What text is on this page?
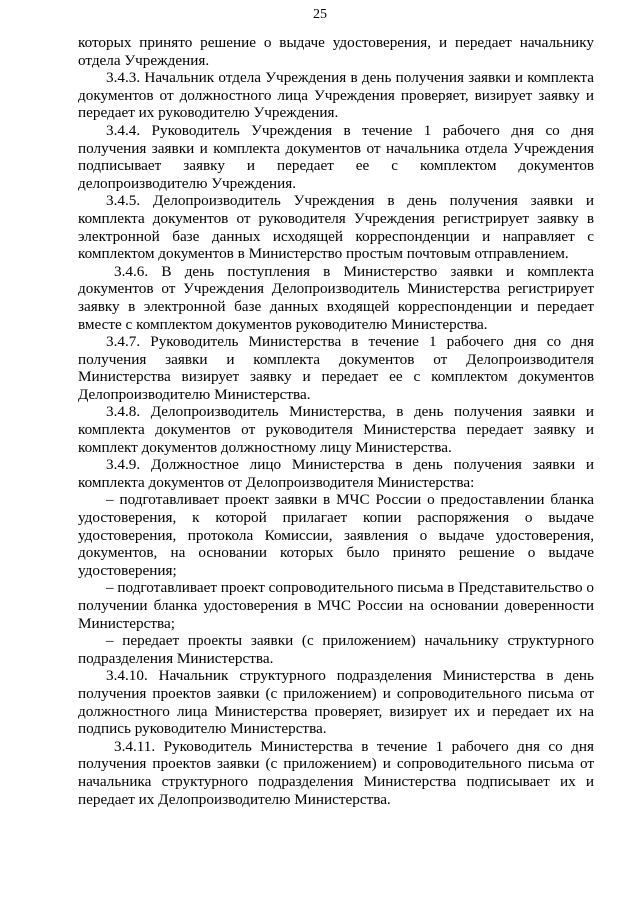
25

которых принято решение о выдаче удостоверения, и передает начальнику отдела Учреждения.

3.4.3. Начальник отдела Учреждения в день получения заявки и комплекта документов от должностного лица Учреждения проверяет, визирует заявку и передает их руководителю Учреждения.

3.4.4. Руководитель Учреждения в течение 1 рабочего дня со дня получения заявки и комплекта документов от начальника отдела Учреждения подписывает заявку и передает ее с комплектом документов делопроизводителю Учреждения.

3.4.5. Делопроизводитель Учреждения в день получения заявки и комплекта документов от руководителя Учреждения регистрирует заявку в электронной базе данных исходящей корреспонденции и направляет с комплектом документов в Министерство простым почтовым отправлением.

3.4.6. В день поступления в Министерство заявки и комплекта документов от Учреждения Делопроизводитель Министерства регистрирует заявку в электронной базе данных входящей корреспонденции и передает вместе с комплектом документов руководителю Министерства.

3.4.7. Руководитель Министерства в течение 1 рабочего дня со дня получения заявки и комплекта документов от Делопроизводителя Министерства визирует заявку и передает ее с комплектом документов Делопроизводителю Министерства.

3.4.8. Делопроизводитель Министерства, в день получения заявки и комплекта документов от руководителя Министерства передает заявку и комплект документов должностному лицу Министерства.

3.4.9. Должностное лицо Министерства в день получения заявки и комплекта документов от Делопроизводителя Министерства:

– подготавливает проект заявки в МЧС России о предоставлении бланка удостоверения, к которой прилагает копии распоряжения о выдаче удостоверения, протокола Комиссии, заявления о выдаче удостоверения, документов, на основании которых было принято решение о выдаче удостоверения;

– подготавливает проект сопроводительного письма в Представительство о получении бланка удостоверения в МЧС России на основании доверенности Министерства;

– передает проекты заявки (с приложением) начальнику структурного подразделения Министерства.

3.4.10. Начальник структурного подразделения Министерства в день получения проектов заявки (с приложением) и сопроводительного письма от должностного лица Министерства проверяет, визирует их и передает их на подпись руководителю Министерства.

3.4.11. Руководитель Министерства в течение 1 рабочего дня со дня получения проектов заявки (с приложением) и сопроводительного письма от начальника структурного подразделения Министерства подписывает их и передает их Делопроизводителю Министерства.
